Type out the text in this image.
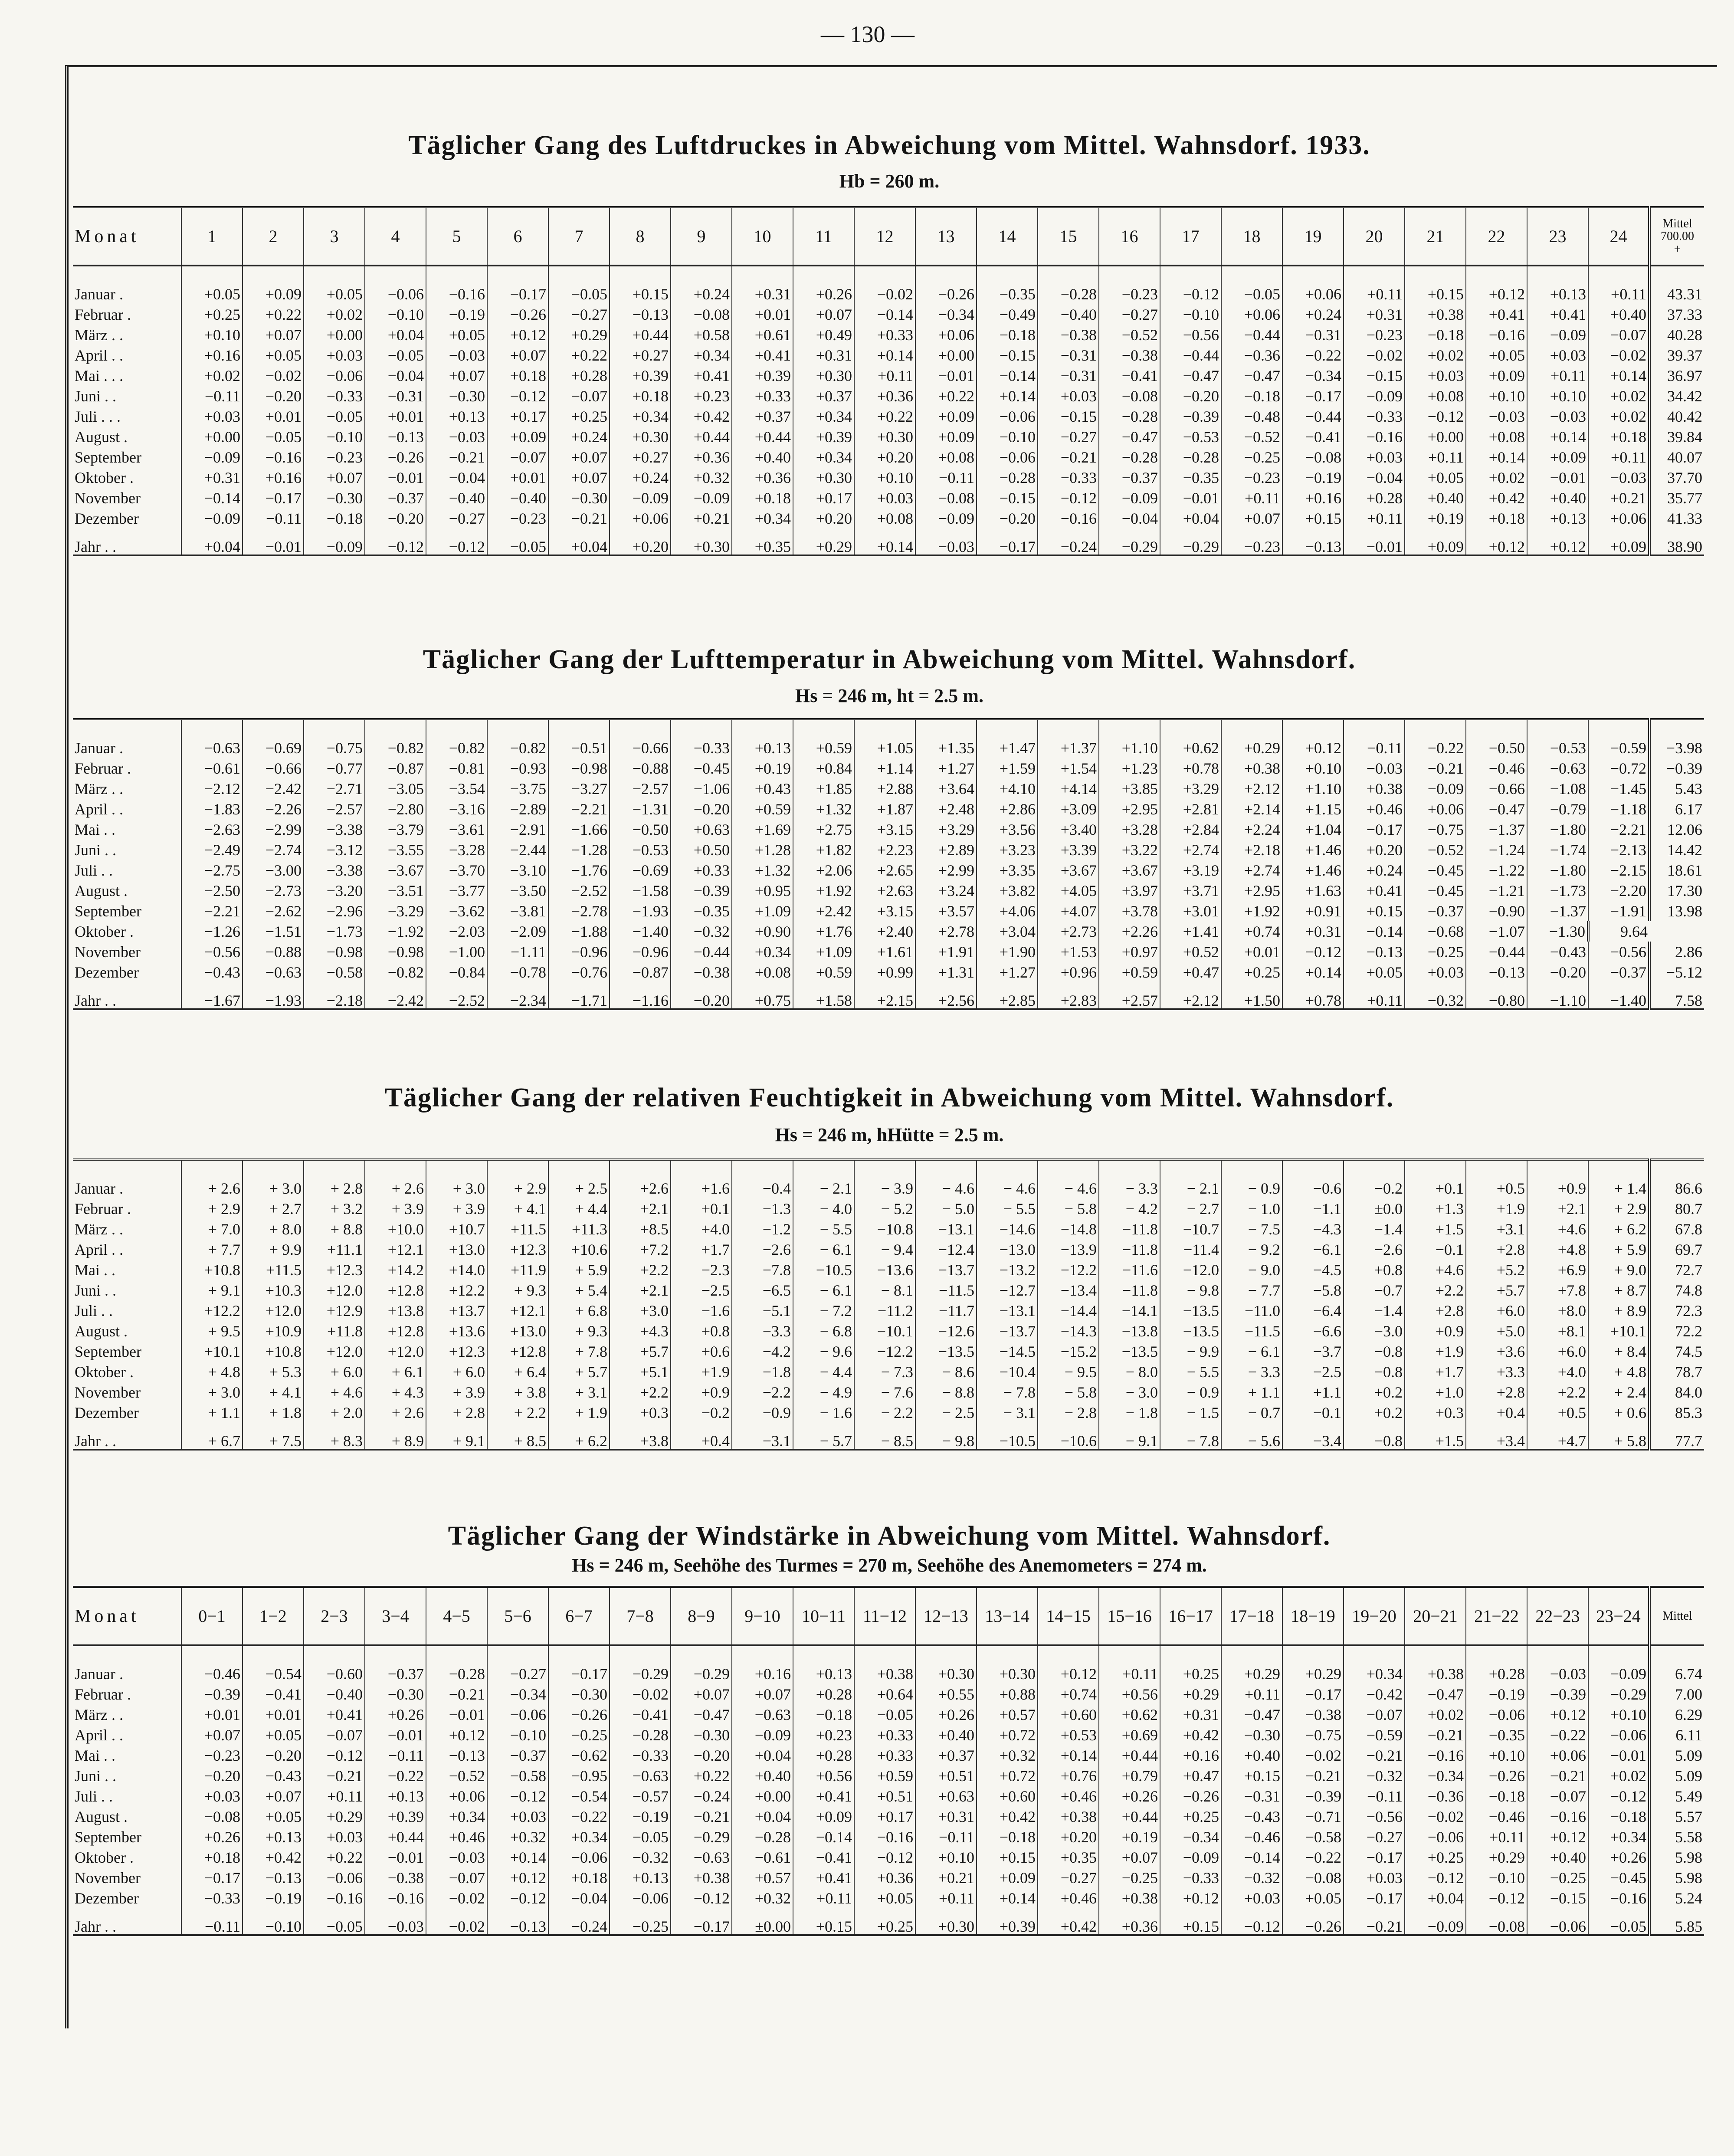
— 130 —
Täglicher Gang des Luftdruckes in Abweichung vom Mittel. Wahnsdorf. 1933.
Hb = 260 m.
Monat	1	2	3	4	5	6	7	8	9	10	11	12	13	14	15	16	17	18	19	20	21	22	23	24	Mittel
700.00
+

Januar .	+0.05	+0.09	+0.05	−0.06	−0.16	−0.17	−0.05	+0.15	+0.24	+0.31	+0.26	−0.02	−0.26	−0.35	−0.28	−0.23	−0.12	−0.05	+0.06	+0.11	+0.15	+0.12	+0.13	+0.11	43.31
Februar .	+0.25	+0.22	+0.02	−0.10	−0.19	−0.26	−0.27	−0.13	−0.08	+0.01	+0.07	−0.14	−0.34	−0.49	−0.40	−0.27	−0.10	+0.06	+0.24	+0.31	+0.38	+0.41	+0.41	+0.40	37.33
März . .	+0.10	+0.07	+0.00	+0.04	+0.05	+0.12	+0.29	+0.44	+0.58	+0.61	+0.49	+0.33	+0.06	−0.18	−0.38	−0.52	−0.56	−0.44	−0.31	−0.23	−0.18	−0.16	−0.09	−0.07	40.28
April . .	+0.16	+0.05	+0.03	−0.05	−0.03	+0.07	+0.22	+0.27	+0.34	+0.41	+0.31	+0.14	+0.00	−0.15	−0.31	−0.38	−0.44	−0.36	−0.22	−0.02	+0.02	+0.05	+0.03	−0.02	39.37
Mai . . .	+0.02	−0.02	−0.06	−0.04	+0.07	+0.18	+0.28	+0.39	+0.41	+0.39	+0.30	+0.11	−0.01	−0.14	−0.31	−0.41	−0.47	−0.47	−0.34	−0.15	+0.03	+0.09	+0.11	+0.14	36.97
Juni . .	−0.11	−0.20	−0.33	−0.31	−0.30	−0.12	−0.07	+0.18	+0.23	+0.33	+0.37	+0.36	+0.22	+0.14	+0.03	−0.08	−0.20	−0.18	−0.17	−0.09	+0.08	+0.10	+0.10	+0.02	34.42
Juli . . .	+0.03	+0.01	−0.05	+0.01	+0.13	+0.17	+0.25	+0.34	+0.42	+0.37	+0.34	+0.22	+0.09	−0.06	−0.15	−0.28	−0.39	−0.48	−0.44	−0.33	−0.12	−0.03	−0.03	+0.02	40.42
August .	+0.00	−0.05	−0.10	−0.13	−0.03	+0.09	+0.24	+0.30	+0.44	+0.44	+0.39	+0.30	+0.09	−0.10	−0.27	−0.47	−0.53	−0.52	−0.41	−0.16	+0.00	+0.08	+0.14	+0.18	39.84
September	−0.09	−0.16	−0.23	−0.26	−0.21	−0.07	+0.07	+0.27	+0.36	+0.40	+0.34	+0.20	+0.08	−0.06	−0.21	−0.28	−0.28	−0.25	−0.08	+0.03	+0.11	+0.14	+0.09	+0.11	40.07
Oktober .	+0.31	+0.16	+0.07	−0.01	−0.04	+0.01	+0.07	+0.24	+0.32	+0.36	+0.30	+0.10	−0.11	−0.28	−0.33	−0.37	−0.35	−0.23	−0.19	−0.04	+0.05	+0.02	−0.01	−0.03	37.70
November	−0.14	−0.17	−0.30	−0.37	−0.40	−0.40	−0.30	−0.09	−0.09	+0.18	+0.17	+0.03	−0.08	−0.15	−0.12	−0.09	−0.01	+0.11	+0.16	+0.28	+0.40	+0.42	+0.40	+0.21	35.77
Dezember	−0.09	−0.11	−0.18	−0.20	−0.27	−0.23	−0.21	+0.06	+0.21	+0.34	+0.20	+0.08	−0.09	−0.20	−0.16	−0.04	+0.04	+0.07	+0.15	+0.11	+0.19	+0.18	+0.13	+0.06	41.33
Jahr . .	+0.04	−0.01	−0.09	−0.12	−0.12	−0.05	+0.04	+0.20	+0.30	+0.35	+0.29	+0.14	−0.03	−0.17	−0.24	−0.29	−0.29	−0.23	−0.13	−0.01	+0.09	+0.12	+0.12	+0.09	38.90

Täglicher Gang der Lufttemperatur in Abweichung vom Mittel. Wahnsdorf.
Hs = 246 m, ht = 2.5 m.

Januar .	−0.63	−0.69	−0.75	−0.82	−0.82	−0.82	−0.51	−0.66	−0.33	+0.13	+0.59	+1.05	+1.35	+1.47	+1.37	+1.10	+0.62	+0.29	+0.12	−0.11	−0.22	−0.50	−0.53	−0.59	−3.98
Februar .	−0.61	−0.66	−0.77	−0.87	−0.81	−0.93	−0.98	−0.88	−0.45	+0.19	+0.84	+1.14	+1.27	+1.59	+1.54	+1.23	+0.78	+0.38	+0.10	−0.03	−0.21	−0.46	−0.63	−0.72	−0.39
März . .	−2.12	−2.42	−2.71	−3.05	−3.54	−3.75	−3.27	−2.57	−1.06	+0.43	+1.85	+2.88	+3.64	+4.10	+4.14	+3.85	+3.29	+2.12	+1.10	+0.38	−0.09	−0.66	−1.08	−1.45	5.43
April . .	−1.83	−2.26	−2.57	−2.80	−3.16	−2.89	−2.21	−1.31	−0.20	+0.59	+1.32	+1.87	+2.48	+2.86	+3.09	+2.95	+2.81	+2.14	+1.15	+0.46	+0.06	−0.47	−0.79	−1.18	6.17
Mai . .	−2.63	−2.99	−3.38	−3.79	−3.61	−2.91	−1.66	−0.50	+0.63	+1.69	+2.75	+3.15	+3.29	+3.56	+3.40	+3.28	+2.84	+2.24	+1.04	−0.17	−0.75	−1.37	−1.80	−2.21	12.06
Juni . .	−2.49	−2.74	−3.12	−3.55	−3.28	−2.44	−1.28	−0.53	+0.50	+1.28	+1.82	+2.23	+2.89	+3.23	+3.39	+3.22	+2.74	+2.18	+1.46	+0.20	−0.52	−1.24	−1.74	−2.13	14.42
Juli . .	−2.75	−3.00	−3.38	−3.67	−3.70	−3.10	−1.76	−0.69	+0.33	+1.32	+2.06	+2.65	+2.99	+3.35	+3.67	+3.67	+3.19	+2.74	+1.46	+0.24	−0.45	−1.22	−1.80	−2.15	18.61
August .	−2.50	−2.73	−3.20	−3.51	−3.77	−3.50	−2.52	−1.58	−0.39	+0.95	+1.92	+2.63	+3.24	+3.82	+4.05	+3.97	+3.71	+2.95	+1.63	+0.41	−0.45	−1.21	−1.73	−2.20	17.30
September	−2.21	−2.62	−2.96	−3.29	−3.62	−3.81	−2.78	−1.93	−0.35	+1.09	+2.42	+3.15	+3.57	+4.06	+4.07	+3.78	+3.01	+1.92	+0.91	+0.15	−0.37	−0.90	−1.37	−1.91	13.98
Oktober .	−1.26	−1.51	−1.73	−1.92	−2.03	−2.09	−1.88	−1.40	−0.32	+0.90	+1.76	+2.40	+2.78	+3.04	+2.73	+2.26	+1.41	+0.74	+0.31	−0.14	−0.68	−1.07	−1.30	9.64	
November	−0.56	−0.88	−0.98	−0.98	−1.00	−1.11	−0.96	−0.96	−0.44	+0.34	+1.09	+1.61	+1.91	+1.90	+1.53	+0.97	+0.52	+0.01	−0.12	−0.13	−0.25	−0.44	−0.43	−0.56	2.86
Dezember	−0.43	−0.63	−0.58	−0.82	−0.84	−0.78	−0.76	−0.87	−0.38	+0.08	+0.59	+0.99	+1.31	+1.27	+0.96	+0.59	+0.47	+0.25	+0.14	+0.05	+0.03	−0.13	−0.20	−0.37	−5.12
Jahr . .	−1.67	−1.93	−2.18	−2.42	−2.52	−2.34	−1.71	−1.16	−0.20	+0.75	+1.58	+2.15	+2.56	+2.85	+2.83	+2.57	+2.12	+1.50	+0.78	+0.11	−0.32	−0.80	−1.10	−1.40	7.58

Täglicher Gang der relativen Feuchtigkeit in Abweichung vom Mittel. Wahnsdorf.
Hs = 246 m, hHütte = 2.5 m.

Januar .	+ 2.6	+ 3.0	+ 2.8	+ 2.6	+ 3.0	+ 2.9	+ 2.5	+2.6	+1.6	−0.4	− 2.1	− 3.9	− 4.6	− 4.6	− 4.6	− 3.3	− 2.1	− 0.9	−0.6	−0.2	+0.1	+0.5	+0.9	+ 1.4	86.6
Februar .	+ 2.9	+ 2.7	+ 3.2	+ 3.9	+ 3.9	+ 4.1	+ 4.4	+2.1	+0.1	−1.3	− 4.0	− 5.2	− 5.0	− 5.5	− 5.8	− 4.2	− 2.7	− 1.0	−1.1	±0.0	+1.3	+1.9	+2.1	+ 2.9	80.7
März . .	+ 7.0	+ 8.0	+ 8.8	+10.0	+10.7	+11.5	+11.3	+8.5	+4.0	−1.2	− 5.5	−10.8	−13.1	−14.6	−14.8	−11.8	−10.7	− 7.5	−4.3	−1.4	+1.5	+3.1	+4.6	+ 6.2	67.8
April . .	+ 7.7	+ 9.9	+11.1	+12.1	+13.0	+12.3	+10.6	+7.2	+1.7	−2.6	− 6.1	− 9.4	−12.4	−13.0	−13.9	−11.8	−11.4	− 9.2	−6.1	−2.6	−0.1	+2.8	+4.8	+ 5.9	69.7
Mai . .	+10.8	+11.5	+12.3	+14.2	+14.0	+11.9	+ 5.9	+2.2	−2.3	−7.8	−10.5	−13.6	−13.7	−13.2	−12.2	−11.6	−12.0	− 9.0	−4.5	+0.8	+4.6	+5.2	+6.9	+ 9.0	72.7
Juni . .	+ 9.1	+10.3	+12.0	+12.8	+12.2	+ 9.3	+ 5.4	+2.1	−2.5	−6.5	− 6.1	− 8.1	−11.5	−12.7	−13.4	−11.8	− 9.8	− 7.7	−5.8	−0.7	+2.2	+5.7	+7.8	+ 8.7	74.8
Juli . .	+12.2	+12.0	+12.9	+13.8	+13.7	+12.1	+ 6.8	+3.0	−1.6	−5.1	− 7.2	−11.2	−11.7	−13.1	−14.4	−14.1	−13.5	−11.0	−6.4	−1.4	+2.8	+6.0	+8.0	+ 8.9	72.3
August .	+ 9.5	+10.9	+11.8	+12.8	+13.6	+13.0	+ 9.3	+4.3	+0.8	−3.3	− 6.8	−10.1	−12.6	−13.7	−14.3	−13.8	−13.5	−11.5	−6.6	−3.0	+0.9	+5.0	+8.1	+10.1	72.2
September	+10.1	+10.8	+12.0	+12.0	+12.3	+12.8	+ 7.8	+5.7	+0.6	−4.2	− 9.6	−12.2	−13.5	−14.5	−15.2	−13.5	− 9.9	− 6.1	−3.7	−0.8	+1.9	+3.6	+6.0	+ 8.4	74.5
Oktober .	+ 4.8	+ 5.3	+ 6.0	+ 6.1	+ 6.0	+ 6.4	+ 5.7	+5.1	+1.9	−1.8	− 4.4	− 7.3	− 8.6	−10.4	− 9.5	− 8.0	− 5.5	− 3.3	−2.5	−0.8	+1.7	+3.3	+4.0	+ 4.8	78.7
November	+ 3.0	+ 4.1	+ 4.6	+ 4.3	+ 3.9	+ 3.8	+ 3.1	+2.2	+0.9	−2.2	− 4.9	− 7.6	− 8.8	− 7.8	− 5.8	− 3.0	− 0.9	+ 1.1	+1.1	+0.2	+1.0	+2.8	+2.2	+ 2.4	84.0
Dezember	+ 1.1	+ 1.8	+ 2.0	+ 2.6	+ 2.8	+ 2.2	+ 1.9	+0.3	−0.2	−0.9	− 1.6	− 2.2	− 2.5	− 3.1	− 2.8	− 1.8	− 1.5	− 0.7	−0.1	+0.2	+0.3	+0.4	+0.5	+ 0.6	85.3
Jahr . .	+ 6.7	+ 7.5	+ 8.3	+ 8.9	+ 9.1	+ 8.5	+ 6.2	+3.8	+0.4	−3.1	− 5.7	− 8.5	− 9.8	−10.5	−10.6	− 9.1	− 7.8	− 5.6	−3.4	−0.8	+1.5	+3.4	+4.7	+ 5.8	77.7

Täglicher Gang der Windstärke in Abweichung vom Mittel. Wahnsdorf.
Hs = 246 m, Seehöhe des Turmes = 270 m, Seehöhe des Anemometers = 274 m.
Monat	0−1	1−2	2−3	3−4	4−5	5−6	6−7	7−8	8−9	9−10	10−11	11−12	12−13	13−14	14−15	15−16	16−17	17−18	18−19	19−20	20−21	21−22	22−23	23−24	Mittel

Januar .	−0.46	−0.54	−0.60	−0.37	−0.28	−0.27	−0.17	−0.29	−0.29	+0.16	+0.13	+0.38	+0.30	+0.30	+0.12	+0.11	+0.25	+0.29	+0.29	+0.34	+0.38	+0.28	−0.03	−0.09	6.74
Februar .	−0.39	−0.41	−0.40	−0.30	−0.21	−0.34	−0.30	−0.02	+0.07	+0.07	+0.28	+0.64	+0.55	+0.88	+0.74	+0.56	+0.29	+0.11	−0.17	−0.42	−0.47	−0.19	−0.39	−0.29	7.00
März . .	+0.01	+0.01	+0.41	+0.26	−0.01	−0.06	−0.26	−0.41	−0.47	−0.63	−0.18	−0.05	+0.26	+0.57	+0.60	+0.62	+0.31	−0.47	−0.38	−0.07	+0.02	−0.06	+0.12	+0.10	6.29
April . .	+0.07	+0.05	−0.07	−0.01	+0.12	−0.10	−0.25	−0.28	−0.30	−0.09	+0.23	+0.33	+0.40	+0.72	+0.53	+0.69	+0.42	−0.30	−0.75	−0.59	−0.21	−0.35	−0.22	−0.06	6.11
Mai . .	−0.23	−0.20	−0.12	−0.11	−0.13	−0.37	−0.62	−0.33	−0.20	+0.04	+0.28	+0.33	+0.37	+0.32	+0.14	+0.44	+0.16	+0.40	−0.02	−0.21	−0.16	+0.10	+0.06	−0.01	5.09
Juni . .	−0.20	−0.43	−0.21	−0.22	−0.52	−0.58	−0.95	−0.63	+0.22	+0.40	+0.56	+0.59	+0.51	+0.72	+0.76	+0.79	+0.47	+0.15	−0.21	−0.32	−0.34	−0.26	−0.21	+0.02	5.09
Juli . .	+0.03	+0.07	+0.11	+0.13	+0.06	−0.12	−0.54	−0.57	−0.24	+0.00	+0.41	+0.51	+0.63	+0.60	+0.46	+0.26	−0.26	−0.31	−0.39	−0.11	−0.36	−0.18	−0.07	−0.12	5.49
August .	−0.08	+0.05	+0.29	+0.39	+0.34	+0.03	−0.22	−0.19	−0.21	+0.04	+0.09	+0.17	+0.31	+0.42	+0.38	+0.44	+0.25	−0.43	−0.71	−0.56	−0.02	−0.46	−0.16	−0.18	5.57
September	+0.26	+0.13	+0.03	+0.44	+0.46	+0.32	+0.34	−0.05	−0.29	−0.28	−0.14	−0.16	−0.11	−0.18	+0.20	+0.19	−0.34	−0.46	−0.58	−0.27	−0.06	+0.11	+0.12	+0.34	5.58
Oktober .	+0.18	+0.42	+0.22	−0.01	−0.03	+0.14	−0.06	−0.32	−0.63	−0.61	−0.41	−0.12	+0.10	+0.15	+0.35	+0.07	−0.09	−0.14	−0.22	−0.17	+0.25	+0.29	+0.40	+0.26	5.98
November	−0.17	−0.13	−0.06	−0.38	−0.07	+0.12	+0.18	+0.13	+0.38	+0.57	+0.41	+0.36	+0.21	+0.09	−0.27	−0.25	−0.33	−0.32	−0.08	+0.03	−0.12	−0.10	−0.25	−0.45	5.98
Dezember	−0.33	−0.19	−0.16	−0.16	−0.02	−0.12	−0.04	−0.06	−0.12	+0.32	+0.11	+0.05	+0.11	+0.14	+0.46	+0.38	+0.12	+0.03	+0.05	−0.17	+0.04	−0.12	−0.15	−0.16	5.24
Jahr . .	−0.11	−0.10	−0.05	−0.03	−0.02	−0.13	−0.24	−0.25	−0.17	±0.00	+0.15	+0.25	+0.30	+0.39	+0.42	+0.36	+0.15	−0.12	−0.26	−0.21	−0.09	−0.08	−0.06	−0.05	5.85
